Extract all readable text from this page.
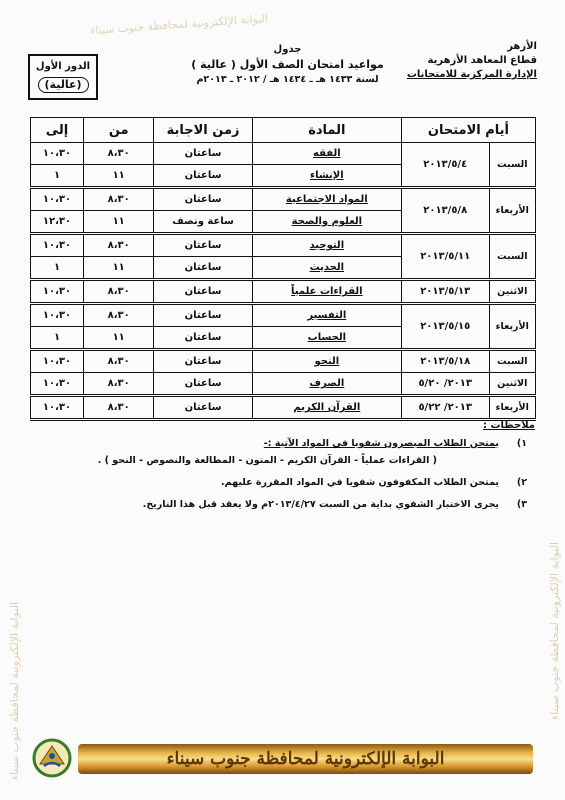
البوابة الإلكترونية لمحافظة جنوب سيناء
البوابة الإلكترونية لمحافظة جنوب سيناء	البوابة الإلكترونية لمحافظة جنوب سيناء
الأزهر
قطاع المعاهد الأزهرية
الإدارة المركزية للامتحانات
جدول
مواعيد امتحان الصف الأول ( عالية )
لسنة ١٤٣٣ هـ ـ ١٤٣٤ هـ / ٢٠١٢ ـ ٢٠١٣م
الدور الأول
(عالية)
أيام الامتحان		المادة	زمن الاجابة	من	إلى
السبت	٢٠١٣/٥/٤	الفقه	ساعتان	٨،٣٠	١٠،٣٠
		الإنشاء	ساعتان	١١	١
الأربعاء	٢٠١٣/٥/٨	المواد الاجتماعية	ساعتان	٨،٣٠	١٠،٣٠
		العلوم والصحة	ساعة ونصف	١١	١٢،٣٠
السبت	٢٠١٣/٥/١١	التوحيد	ساعتان	٨،٣٠	١٠،٣٠
		الحديث	ساعتان	١١	١
الاثنين	٢٠١٣/٥/١٣	القراءات علمياً	ساعتان	٨،٣٠	١٠،٣٠
الأربعاء	٢٠١٣/٥/١٥	التفسير	ساعتان	٨،٣٠	١٠،٣٠
		الحساب	ساعتان	١١	١
السبت	٢٠١٣/٥/١٨	النحو	ساعتان	٨،٣٠	١٠،٣٠
الاثنين	٢٠١٣/ ٥/٢٠	الصرف	ساعتان	٨،٣٠	١٠،٣٠
الأربعاء	٢٠١٣/ ٥/٢٢	القرآن الكريم	ساعتان	٨،٣٠	١٠،٣٠
ملاحظات :
١)
يمتحن الطلاب المبصرون شفويا في المواد الآتية :-
( القراءات عملياً - القرآن الكريم - المتون - المطالعة والنصوص - النحو ) .
٢)
يمتحن الطلاب المكفوفون شفويا في المواد المقررة عليهم.
٣)
يجرى الاختبار الشفوي بداية من السبت ٢٠١٣/٤/٢٧م ولا يعقد قبل هذا التاريخ.
البوابة الإلكترونية لمحافظة جنوب سيناء
